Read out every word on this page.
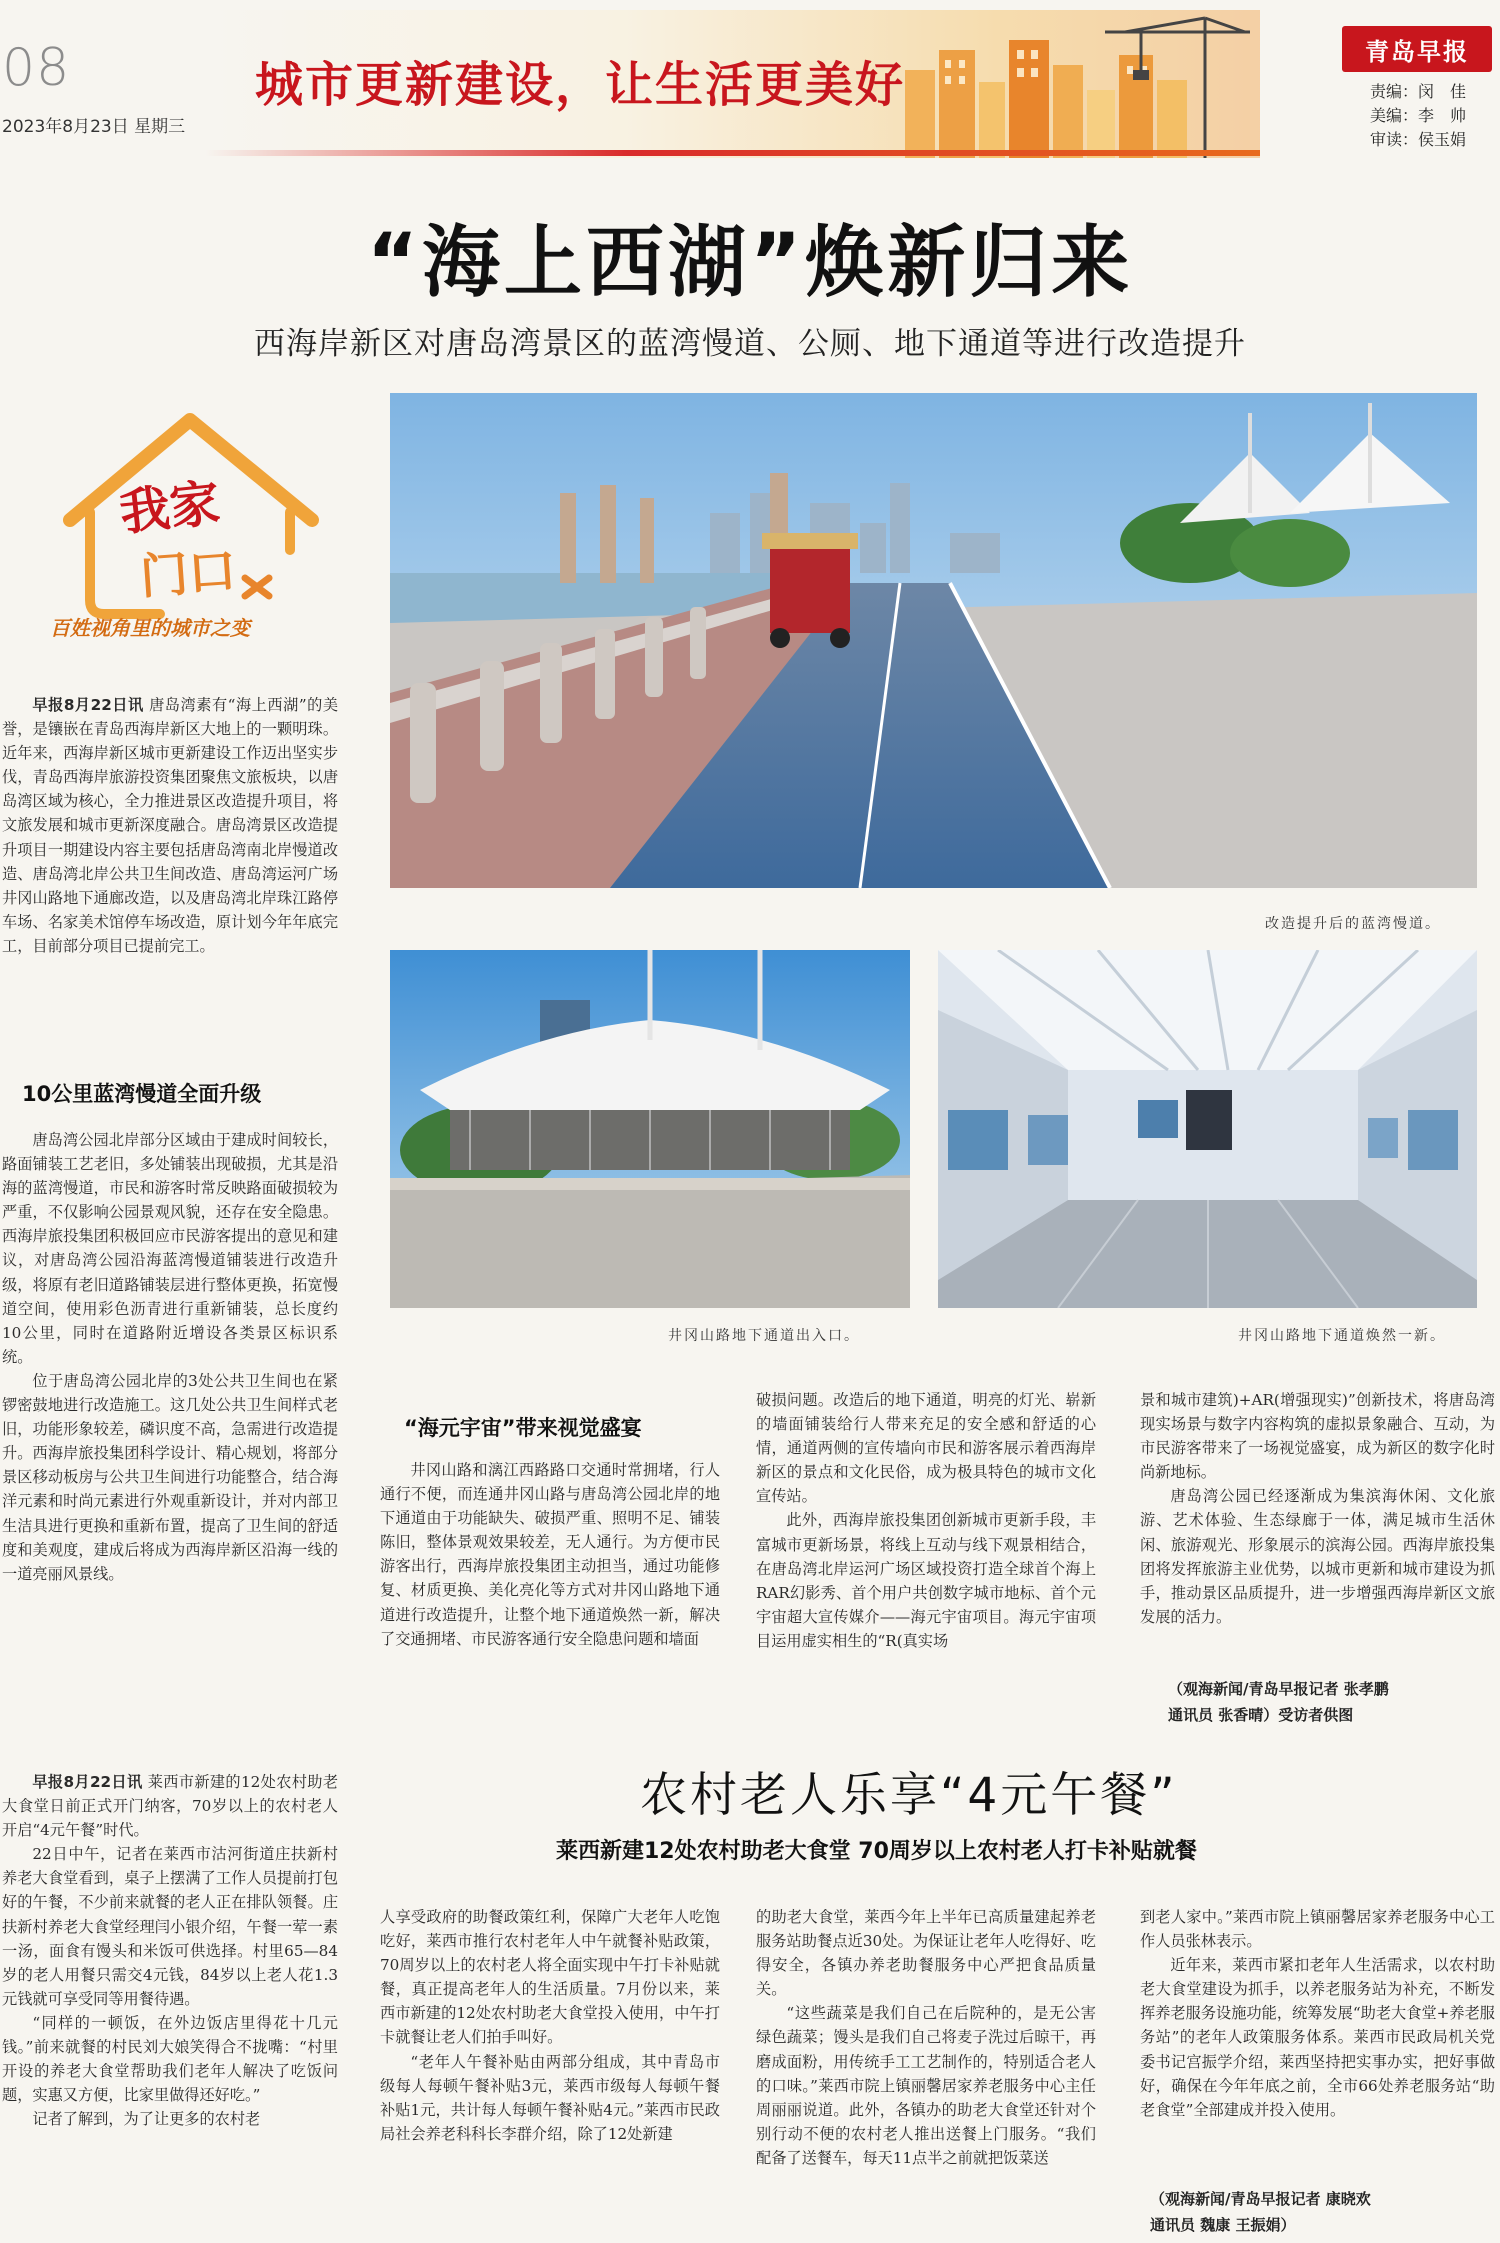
08
2023年8月23日 星期三
城市更新建设，让生活更美好
青岛早报
责编：闵　佳
美编：李　帅
审读：侯玉娟
“海上西湖”焕新归来
西海岸新区对唐岛湾景区的蓝湾慢道、公厕、地下通道等进行改造提升
我家
门口
百姓视角里的城市之变

早报8月22日讯 唐岛湾素有“海上西湖”的美誉，是镶嵌在青岛西海岸新区大地上的一颗明珠。近年来，西海岸新区城市更新建设工作迈出坚实步伐，青岛西海岸旅游投资集团聚焦文旅板块，以唐岛湾区域为核心，全力推进景区改造提升项目，将文旅发展和城市更新深度融合。唐岛湾景区改造提升项目一期建设内容主要包括唐岛湾南北岸慢道改造、唐岛湾北岸公共卫生间改造、唐岛湾运河广场井冈山路地下通廊改造，以及唐岛湾北岸珠江路停车场、名家美术馆停车场改造，原计划今年年底完工，目前部分项目已提前完工。

10公里蓝湾慢道全面升级

唐岛湾公园北岸部分区域由于建成时间较长，路面铺装工艺老旧，多处铺装出现破损，尤其是沿海的蓝湾慢道，市民和游客时常反映路面破损较为严重，不仅影响公园景观风貌，还存在安全隐患。西海岸旅投集团积极回应市民游客提出的意见和建议，对唐岛湾公园沿海蓝湾慢道铺装进行改造升级，将原有老旧道路铺装层进行整体更换，拓宽慢道空间，使用彩色沥青进行重新铺装，总长度约10公里，同时在道路附近增设各类景区标识系统。

位于唐岛湾公园北岸的3处公共卫生间也在紧锣密鼓地进行改造施工。这几处公共卫生间样式老旧，功能形象较差，磷识度不高，急需进行改造提升。西海岸旅投集团科学设计、精心规划，将部分景区移动板房与公共卫生间进行功能整合，结合海洋元素和时尚元素进行外观重新设计，并对内部卫生洁具进行更换和重新布置，提高了卫生间的舒适度和美观度，建成后将成为西海岸新区沿海一线的一道亮丽风景线。

改造提升后的蓝湾慢道。
井冈山路地下通道出入口。	井冈山路地下通道焕然一新。
“海元宇宙”带来视觉盛宴

井冈山路和漓江西路路口交通时常拥堵，行人通行不便，而连通井冈山路与唐岛湾公园北岸的地下通道由于功能缺失、破损严重、照明不足、铺装陈旧，整体景观效果较差，无人通行。为方便市民游客出行，西海岸旅投集团主动担当，通过功能修复、材质更换、美化亮化等方式对井冈山路地下通道进行改造提升，让整个地下通道焕然一新，解决了交通拥堵、市民游客通行安全隐患问题和墙面

破损问题。改造后的地下通道，明亮的灯光、崭新的墙面铺装给行人带来充足的安全感和舒适的心情，通道两侧的宣传墙向市民和游客展示着西海岸新区的景点和文化民俗，成为极具特色的城市文化宣传站。

此外，西海岸旅投集团创新城市更新手段，丰富城市更新场景，将线上互动与线下观景相结合，在唐岛湾北岸运河广场区域投资打造全球首个海上RAR幻影秀、首个用户共创数字城市地标、首个元宇宙超大宣传媒介——海元宇宙项目。海元宇宙项目运用虚实相生的“R(真实场

景和城市建筑)+AR(增强现实)”创新技术，将唐岛湾现实场景与数字内容构筑的虚拟景象融合、互动，为市民游客带来了一场视觉盛宴，成为新区的数字化时尚新地标。

唐岛湾公园已经逐渐成为集滨海休闲、文化旅游、艺术体验、生态绿廊于一体，满足城市生活休闲、旅游观光、形象展示的滨海公园。西海岸旅投集团将发挥旅游主业优势，以城市更新和城市建设为抓手，推动景区品质提升，进一步增强西海岸新区文旅发展的活力。

（观海新闻/青岛早报记者 张孝鹏
通讯员 张香晴）受访者供图

早报8月22日讯 莱西市新建的12处农村助老大食堂日前正式开门纳客，70岁以上的农村老人开启“4元午餐”时代。

22日中午，记者在莱西市沽河街道庄扶新村养老大食堂看到，桌子上摆满了工作人员提前打包好的午餐，不少前来就餐的老人正在排队领餐。庄扶新村养老大食堂经理闫小银介绍，午餐一荤一素一汤，面食有馒头和米饭可供选择。村里65—84岁的老人用餐只需交4元钱，84岁以上老人花1.3元钱就可享受同等用餐待遇。

“同样的一顿饭，在外边饭店里得花十几元钱。”前来就餐的村民刘大娘笑得合不拢嘴：“村里开设的养老大食堂帮助我们老年人解决了吃饭问题，实惠又方便，比家里做得还好吃。”

记者了解到，为了让更多的农村老

农村老人乐享“4元午餐”
莱西新建12处农村助老大食堂 70周岁以上农村老人打卡补贴就餐

人享受政府的助餐政策红利，保障广大老年人吃饱吃好，莱西市推行农村老年人中午就餐补贴政策，70周岁以上的农村老人将全面实现中午打卡补贴就餐，真正提高老年人的生活质量。7月份以来，莱西市新建的12处农村助老大食堂投入使用，中午打卡就餐让老人们拍手叫好。

“老年人午餐补贴由两部分组成，其中青岛市级每人每顿午餐补贴3元，莱西市级每人每顿午餐补贴1元，共计每人每顿午餐补贴4元。”莱西市民政局社会养老科科长李群介绍，除了12处新建

的助老大食堂，莱西今年上半年已高质量建起养老服务站助餐点近30处。为保证让老年人吃得好、吃得安全，各镇办养老助餐服务中心严把食品质量关。

“这些蔬菜是我们自己在后院种的，是无公害绿色蔬菜；馒头是我们自己将麦子洗过后晾干，再磨成面粉，用传统手工工艺制作的，特别适合老人的口味。”莱西市院上镇丽馨居家养老服务中心主任周丽丽说道。此外，各镇办的助老大食堂还针对个别行动不便的农村老人推出送餐上门服务。“我们配备了送餐车，每天11点半之前就把饭菜送

到老人家中。”莱西市院上镇丽馨居家养老服务中心工作人员张林表示。

近年来，莱西市紧扣老年人生活需求，以农村助老大食堂建设为抓手，以养老服务站为补充，不断发挥养老服务设施功能，统筹发展“助老大食堂+养老服务站”的老年人政策服务体系。莱西市民政局机关党委书记宫振学介绍，莱西坚持把实事办实，把好事做好，确保在今年年底之前，全市66处养老服务站“助老食堂”全部建成并投入使用。

（观海新闻/青岛早报记者 康晓欢
通讯员 魏康 王振娟）
